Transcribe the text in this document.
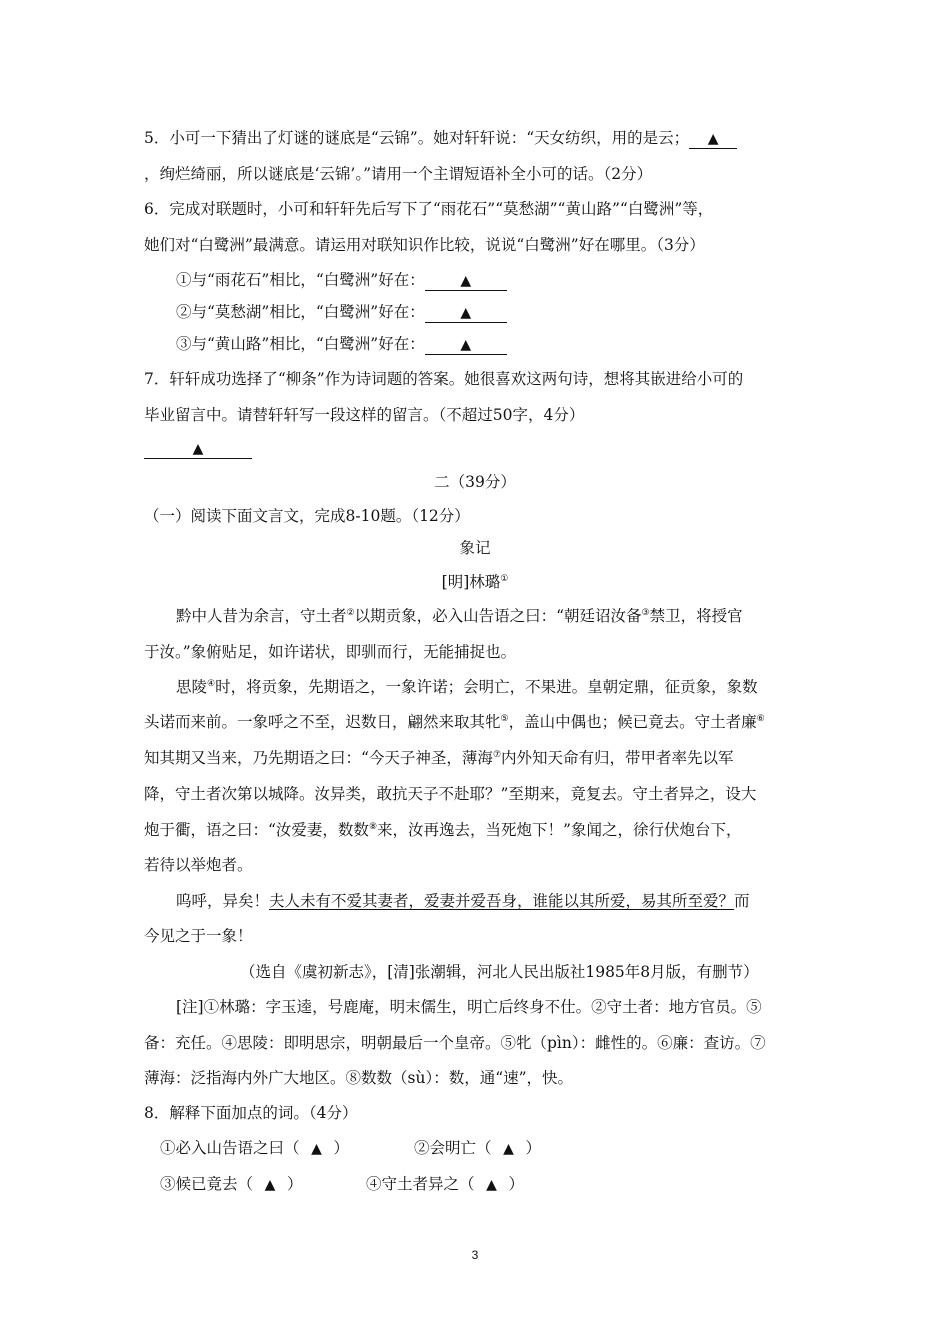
5．小可一下猜出了灯谜的谜底是“云锦”。她对轩轩说：“天女纺织，用的是云； ▲
，绚烂绮丽，所以谜底是‘云锦’。”请用一个主谓短语补全小可的话。（2分）
6．完成对联题时，小可和轩轩先后写下了“雨花石”“莫愁湖”“黄山路”“白鹭洲”等，
她们对“白鹭洲”最满意。请运用对联知识作比较，说说“白鹭洲”好在哪里。（3分）
①与“雨花石”相比，“白鹭洲”好在：	▲
②与“莫愁湖”相比，“白鹭洲”好在：	▲
③与“黄山路”相比，“白鹭洲”好在：	▲
7．轩轩成功选择了“柳条”作为诗词题的答案。她很喜欢这两句诗，想将其嵌进给小可的
毕业留言中。请替轩轩写一段这样的留言。（不超过50字，4分）
▲
二（39分）
（一）阅读下面文言文，完成8-10题。（12分）
象记
[明]林璐①
黔中人昔为余言，守土者②以期贡象，必入山告语之曰：“朝廷诏汝备③禁卫，将授官
于汝。”象俯贴足，如许诺状，即驯而行，无能捕捉也。
思陵④时，将贡象，先期语之，一象许诺；会明亡，不果进。皇朝定鼎，征贡象，象数
头诺而来前。一象呼之不至，迟数日，翩然来取其牝⑤，盖山中偶也；候已竟去。守土者廉⑥
知其期又当来，乃先期语之曰：“今天子神圣，薄海⑦内外知天命有归，带甲者率先以军
降，守土者次第以城降。汝异类，敢抗天子不赴耶？”至期来，竟复去。守土者异之，设大
炮于衢，语之曰：“汝爱妻，数数⑧来，汝再逸去，当死炮下！”象闻之，徐行伏炮台下，
若待以举炮者。
呜呼，异矣！夫人未有不爱其妻者，爱妻并爱吾身，谁能以其所爱，易其所至爱？而
今见之于一象！
（选自《虞初新志》，[清]张潮辑，河北人民出版社1985年8月版，有删节）
[注]①林璐：字玉逵，号鹿庵，明末儒生，明亡后终身不仕。②守土者：地方官员。⑤
备：充任。④思陵：即明思宗，明朝最后一个皇帝。⑤牝（pìn）：雌性的。⑥廉：查访。⑦
薄海：泛指海内外广大地区。⑧数数（sù）：数，通“速”，快。
8．解释下面加点的词。（4分）
①必入山告语之曰（ ▲ ）	②会明亡（ ▲ ）
③候已竟去（ ▲ ）	④守土者异之（ ▲ ）
3
